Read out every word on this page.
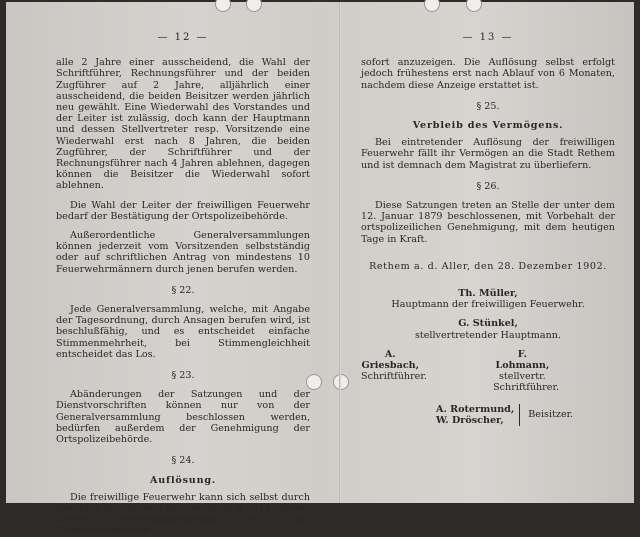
— 12 —

alle 2 Jahre einer ausscheidend, die Wahl der Schriftführer, Rechnungsführer und der beiden Zugführer auf 2 Jahre, alljährlich einer ausscheidend, die beiden Beisitzer werden jährlich neu gewählt. Eine Wiederwahl des Vorstandes und der Leiter ist zulässig, doch kann der Hauptmann und dessen Stellvertreter resp. Vorsitzende eine Wiederwahl erst nach 8 Jahren, die beiden Zugführer, der Schriftführer und der Rechnungsführer nach 4 Jahren ablehnen, dagegen können die Beisitzer die Wiederwahl sofort ablehnen.

Die Wahl der Leiter der freiwilligen Feuerwehr bedarf der Bestätigung der Ortspolizeibehörde.

Außerordentliche Generalversammlungen können jederzeit vom Vorsitzenden selbstständig oder auf schriftlichen Antrag von mindestens 10 Feuerwehrmännern durch jenen berufen werden.

§ 22.

Jede Generalversammlung, welche, mit Angabe der Tagesordnung, durch Ansagen berufen wird, ist beschlußfähig, und es entscheidet einfache Stimmenmehrheit, bei Stimmengleichheit entscheidet das Los.

§ 23.

Abänderungen der Satzungen und der Dienstvorschriften können nur von der Generalversammlung beschlossen werden, bedürfen außerdem der Genehmigung der Ortspolizeibehörde.

§ 24.
Auflösung.

Die freiwillige Feuerwehr kann sich selbst durch Beschluß der General-Versammlung (§ 21) auflösen. Dieser Auflösungsbeschluß ist der Ortspolizeibehörde

— 13 —

sofort anzuzeigen. Die Auflösung selbst erfolgt jedoch frühestens erst nach Ablauf von 6 Monaten, nachdem diese Anzeige erstattet ist.

§ 25.
Verbleib des Vermögens.

Bei eintretender Auflösung der freiwilligen Feuerwehr fällt ihr Vermögen an die Stadt Rethem und ist demnach dem Magistrat zu überliefern.

§ 26.

Diese Satzungen treten an Stelle der unter dem 12. Januar 1879 beschlossenen, mit Vorbehalt der ortspolizeilichen Genehmigung, mit dem heutigen Tage in Kraft.

Rethem a. d. Aller, den 28. Dezember 1902.
Th. Müller,
Hauptmann der freiwilligen Feuerwehr.
G. Stünkel,
stellvertretender Hauptmann.
A. Griesbach,
Schriftführer.
F. Lohmann,
stellvertr. Schriftführer.
A. Rotermund,
W. Dröscher,
Beisitzer.
